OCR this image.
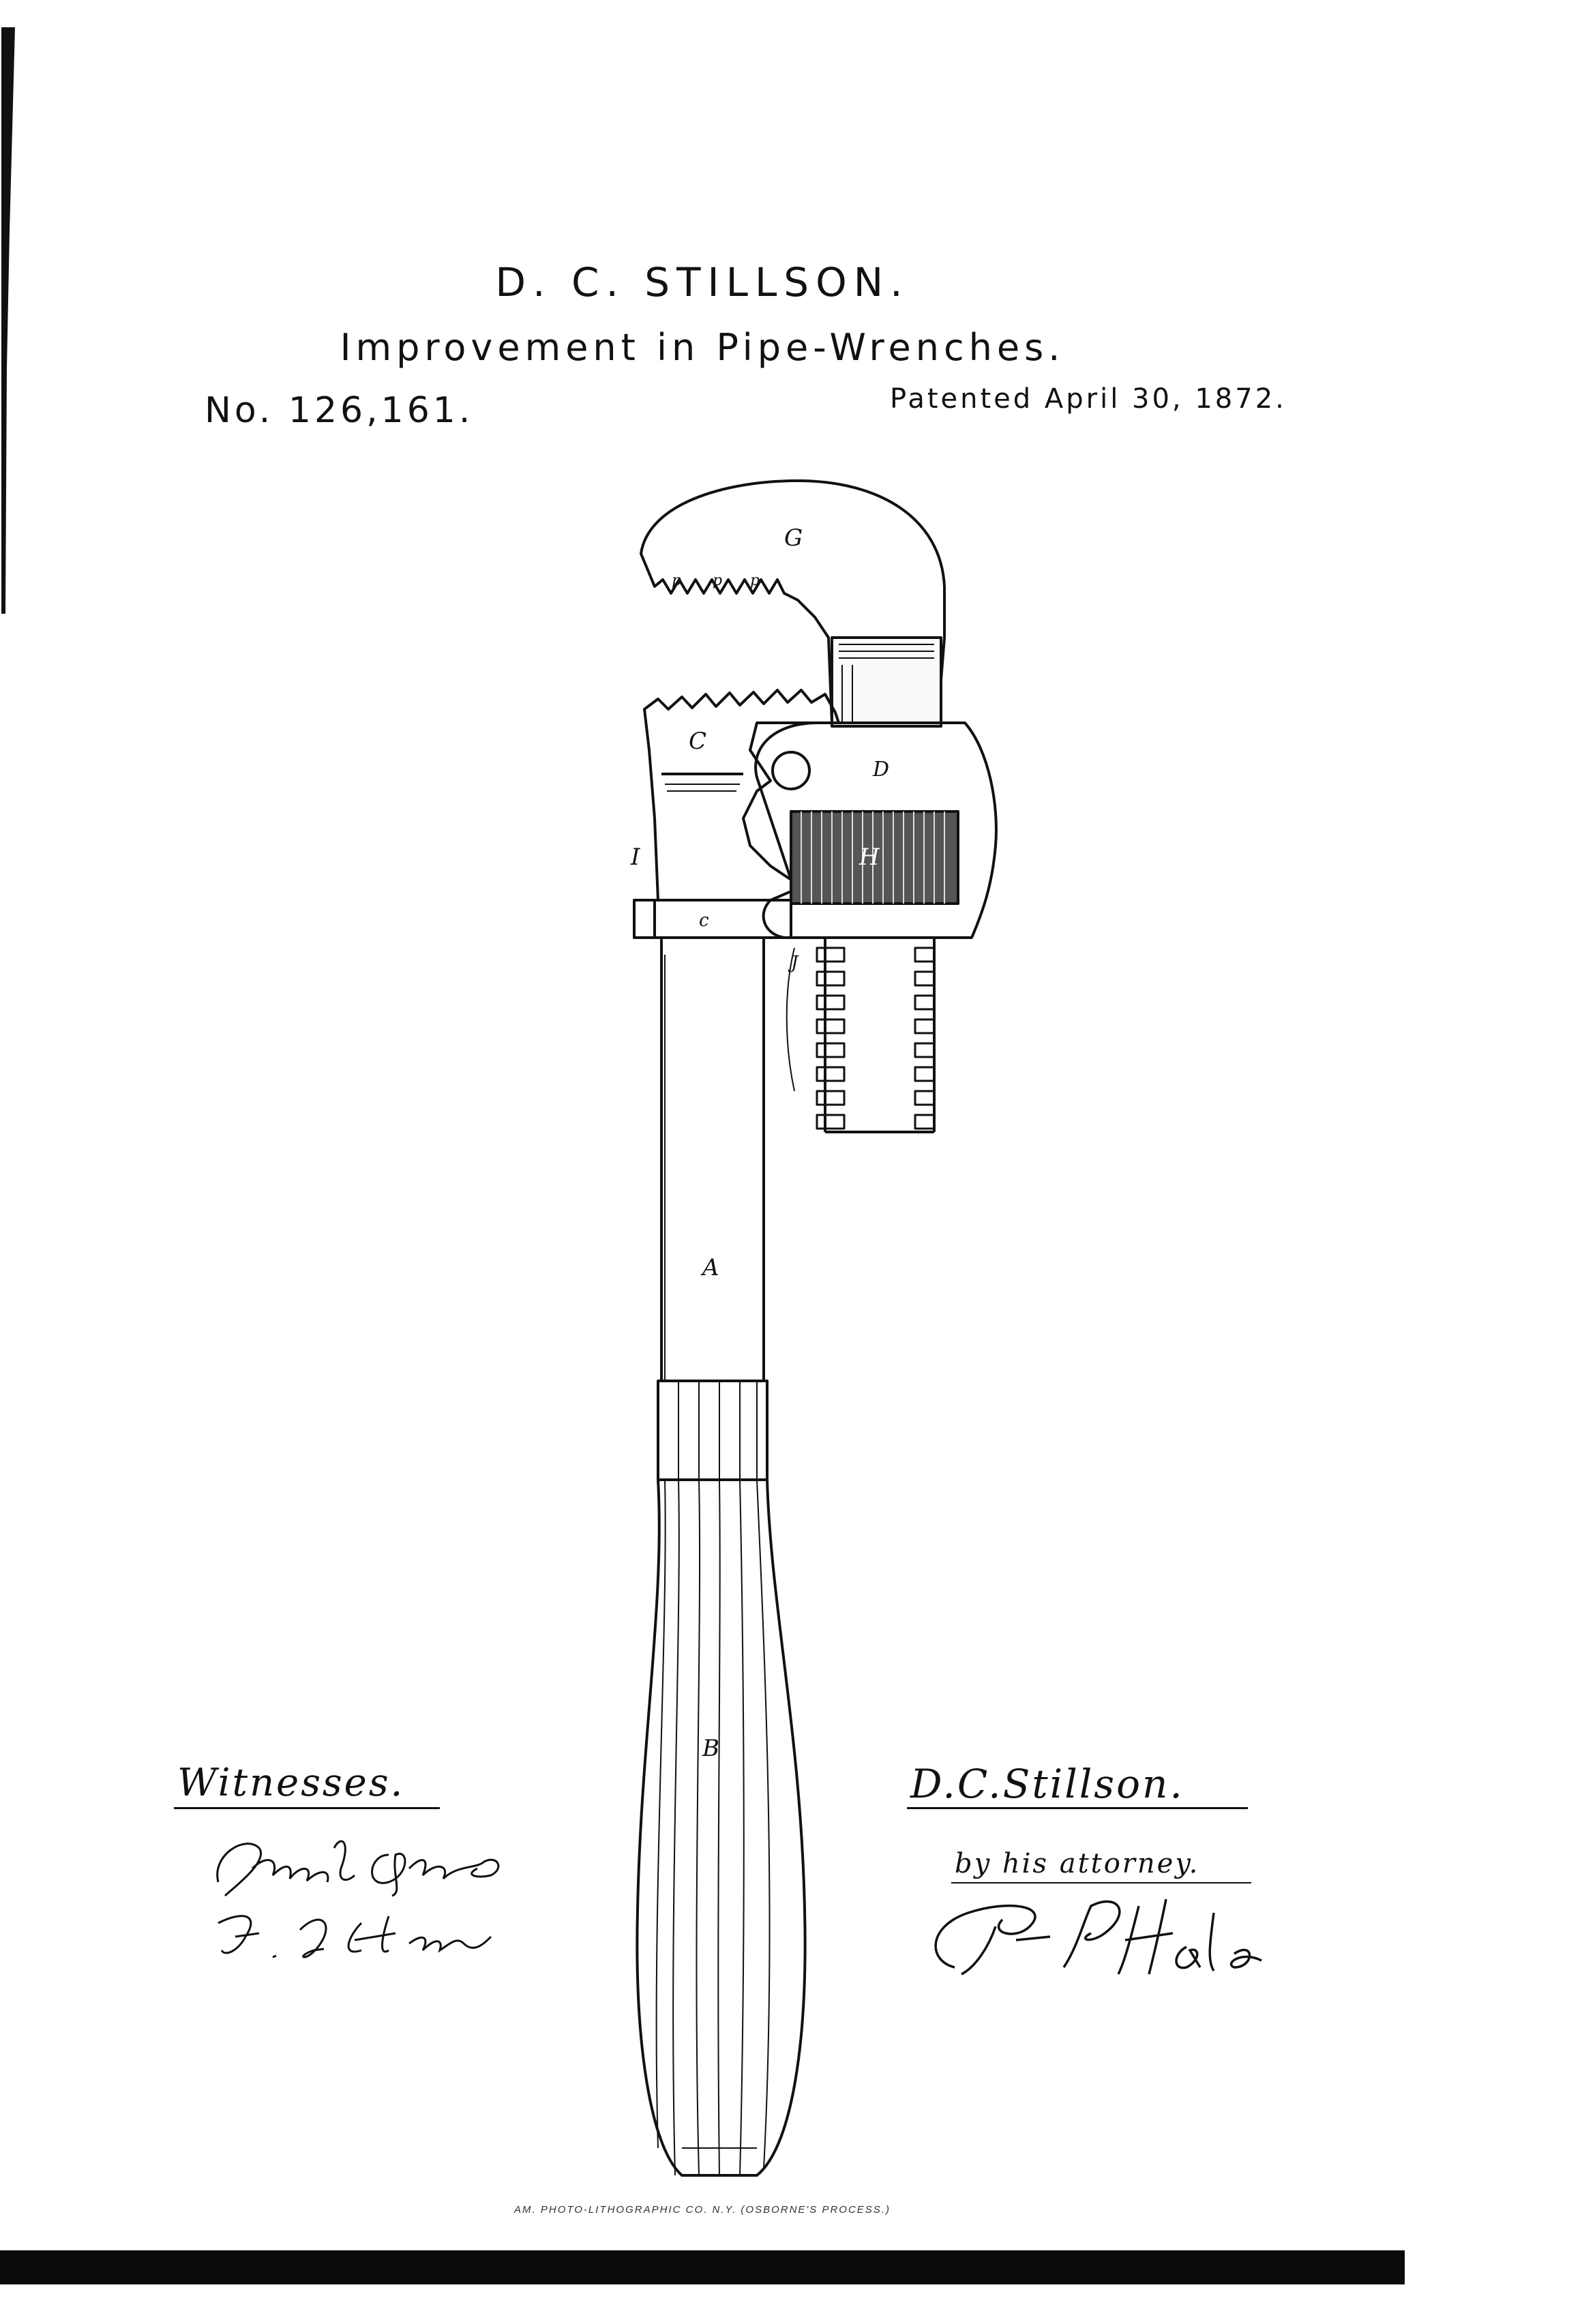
D. C. STILLSON.
Improvement in Pipe-Wrenches.
No. 126,161.	Patented April 30, 1872.
G
p p p
C
D
I	H
c
J
A
B
Witnesses.	D.C.Stillson.
by his attorney.
AM. PHOTO-LITHOGRAPHIC CO. N.Y. (OSBORNE'S PROCESS.)
